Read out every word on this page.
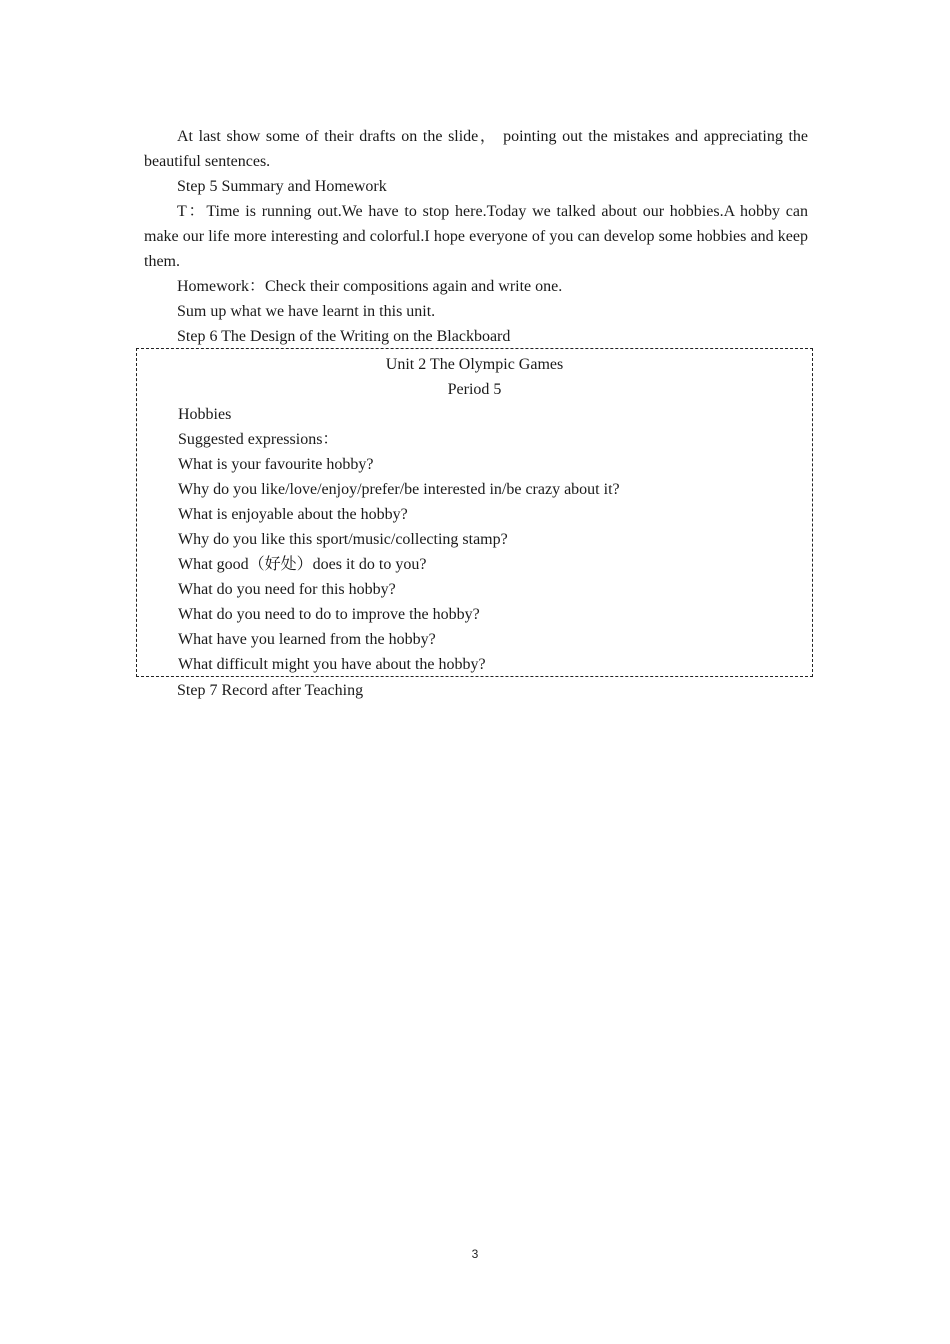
At last show some of their drafts on the slide， pointing out the mistakes and appreciating the beautiful sentences.

Step 5 Summary and Homework

T：Time is running out.We have to stop here.Today we talked about our hobbies.A hobby can make our life more interesting and colorful.I hope everyone of you can develop some hobbies and keep them.

Homework：Check their compositions again and write one.

Sum up what we have learnt in this unit.

Step 6 The Design of the Writing on the Blackboard

Unit 2 The Olympic Games

Period 5

Hobbies

Suggested expressions：

What is your favourite hobby?

Why do you like/love/enjoy/prefer/be interested in/be crazy about it?

What is enjoyable about the hobby?

Why do you like this sport/music/collecting stamp?

What good（好处）does it do to you?

What do you need for this hobby?

What do you need to do to improve the hobby?

What have you learned from the hobby?

What difficult might you have about the hobby?

Step 7 Record after Teaching
3
